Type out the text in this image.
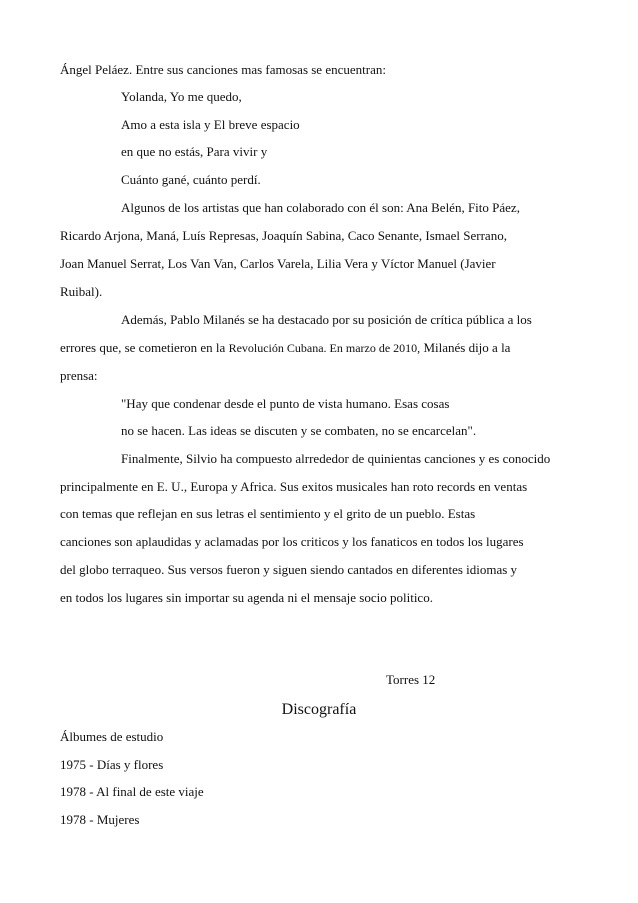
Ángel Peláez. Entre sus canciones mas famosas se encuentran:
Yolanda, Yo me quedo,
Amo a esta isla y El breve espacio
en que no estás, Para vivir y
Cuánto gané, cuánto perdí.
Algunos de los artistas que han colaborado con él son: Ana Belén, Fito Páez,
Ricardo Arjona, Maná, Luís Represas, Joaquín Sabina, Caco Senante, Ismael Serrano,
Joan Manuel Serrat, Los Van Van, Carlos Varela, Lilia Vera y Víctor Manuel (Javier
Ruibal).
Además, Pablo Milanés se ha destacado por su posición de crítica pública a los
errores que, se cometieron en la Revolución Cubana. En marzo de 2010, Milanés dijo a la
prensa:
"Hay que condenar desde el punto de vista humano. Esas cosas
no se hacen. Las ideas se discuten y se combaten, no se encarcelan".
Finalmente, Silvio ha compuesto alrrededor de quinientas canciones y es conocido
principalmente en E. U., Europa y Africa. Sus exitos musicales han roto records en ventas
con temas que reflejan en sus letras el sentimiento y el grito de un pueblo. Estas
canciones son aplaudidas y aclamadas por los criticos y los fanaticos en todos los lugares
del globo terraqueo. Sus versos fueron y siguen siendo cantados en diferentes idiomas y
en todos los lugares sin importar su agenda ni el mensaje socio politico.
Torres 12
Discografía
Álbumes de estudio
1975 - Días y flores
1978 - Al final de este viaje
1978 - Mujeres
